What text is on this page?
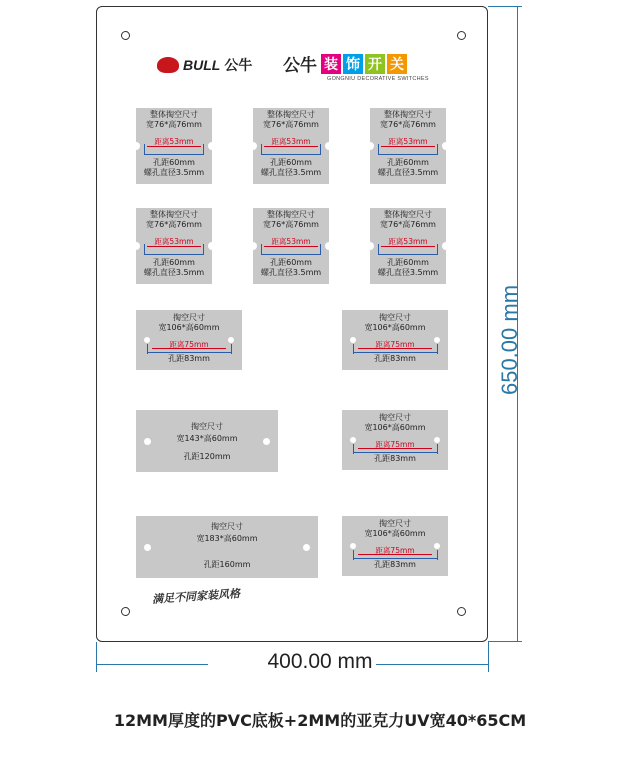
BULL 公牛 公牛 装 饰 开 关
GONGNIU DECORATIVE SWITCHES
整体掏空尺寸
宽76*高76mm
距离53mm
孔距60mm
螺孔直径3.5mm
整体掏空尺寸
宽76*高76mm
距离53mm
孔距60mm
螺孔直径3.5mm
整体掏空尺寸
宽76*高76mm
距离53mm
孔距60mm
螺孔直径3.5mm
整体掏空尺寸
宽76*高76mm
距离53mm
孔距60mm
螺孔直径3.5mm
整体掏空尺寸
宽76*高76mm
距离53mm
孔距60mm
螺孔直径3.5mm
整体掏空尺寸
宽76*高76mm
距离53mm
孔距60mm
螺孔直径3.5mm
掏空尺寸
宽106*高60mm
距离75mm
孔距83mm
掏空尺寸
宽106*高60mm
距离75mm
孔距83mm
掏空尺寸
宽106*高60mm
距离75mm
孔距83mm
掏空尺寸
宽106*高60mm
距离75mm
孔距83mm
掏空尺寸
宽143*高60mm
孔距120mm
掏空尺寸
宽183*高60mm
孔距160mm
满足不同家装风格
650.00 mm
400.00 mm
12MM厚度的PVC底板+2MM的亚克力UV宽40*65CM
